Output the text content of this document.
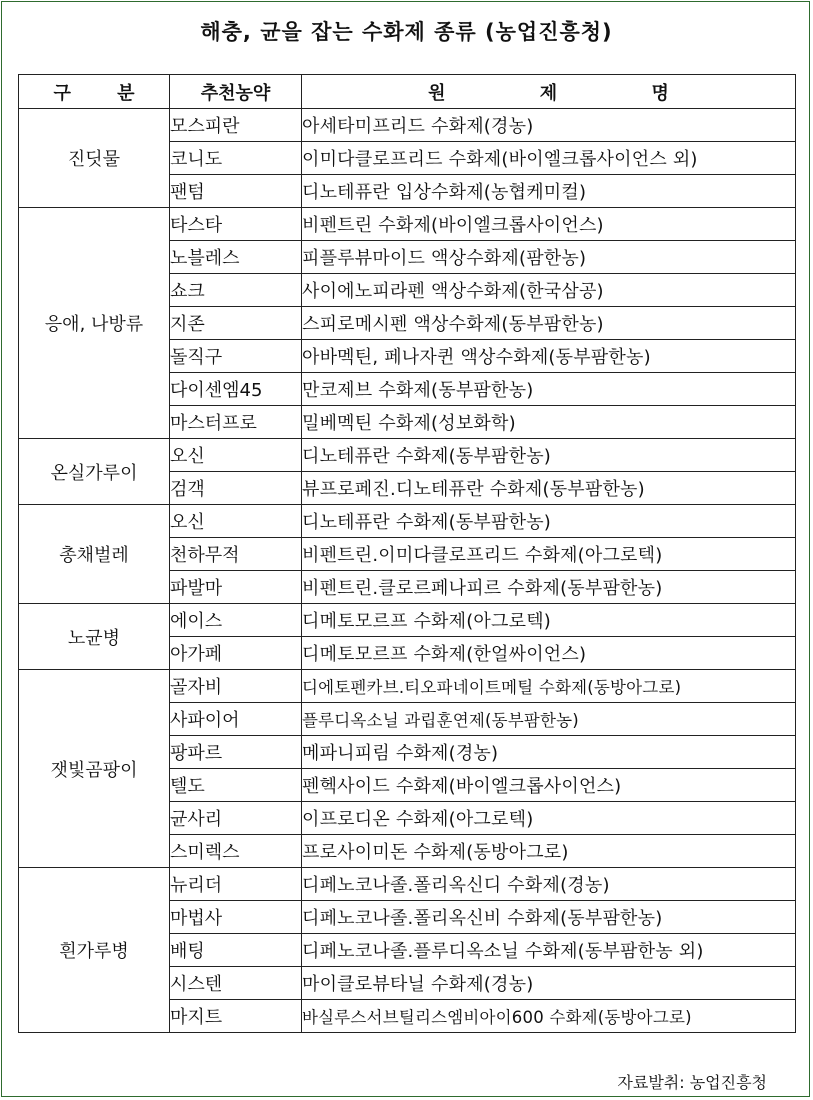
해충, 균을 잡는 수화제 종류 (농업진흥청)
구 분	추천농약	원 제 명
진딧물	모스피란	아세타미프리드 수화제(경농)
	코니도	이미다클로프리드 수화제(바이엘크롭사이언스 외)
	팬텀	디노테퓨란 입상수화제(농협케미컬)
응애, 나방류	타스타	비펜트린 수화제(바이엘크롭사이언스)
	노블레스	피플루뷰마이드 액상수화제(팜한농)
	쇼크	사이에노피라펜 액상수화제(한국삼공)
	지존	스피로메시펜 액상수화제(동부팜한농)
	돌직구	아바멕틴, 페나자퀸 액상수화제(동부팜한농)
	다이센엠45	만코제브 수화제(동부팜한농)
	마스터프로	밀베멕틴 수화제(성보화학)
온실가루이	오신	디노테퓨란 수화제(동부팜한농)
	검객	뷰프로페진.디노테퓨란 수화제(동부팜한농)
총채벌레	오신	디노테퓨란 수화제(동부팜한농)
	천하무적	비펜트린.이미다클로프리드 수화제(아그로텍)
	파발마	비펜트린.클로르페나피르 수화제(동부팜한농)
노균병	에이스	디메토모르프 수화제(아그로텍)
	아가페	디메토모르프 수화제(한얼싸이언스)
잿빛곰팡이	골자비	디에토펜카브.티오파네이트메틸 수화제(동방아그로)
	사파이어	플루디옥소닐 과립훈연제(동부팜한농)
	팡파르	메파니피림 수화제(경농)
	텔도	펜헥사이드 수화제(바이엘크롭사이언스)
	균사리	이프로디온 수화제(아그로텍)
	스미렉스	프로사이미돈 수화제(동방아그로)
흰가루병	뉴리더	디페노코나졸.폴리옥신디 수화제(경농)
	마법사	디페노코나졸.폴리옥신비 수화제(동부팜한농)
	배팅	디페노코나졸.플루디옥소닐 수화제(동부팜한농 외)
	시스텐	마이클로뷰타닐 수화제(경농)
	마지트	바실루스서브틸리스엠비아이600 수화제(동방아그로)
자료발취: 농업진흥청
